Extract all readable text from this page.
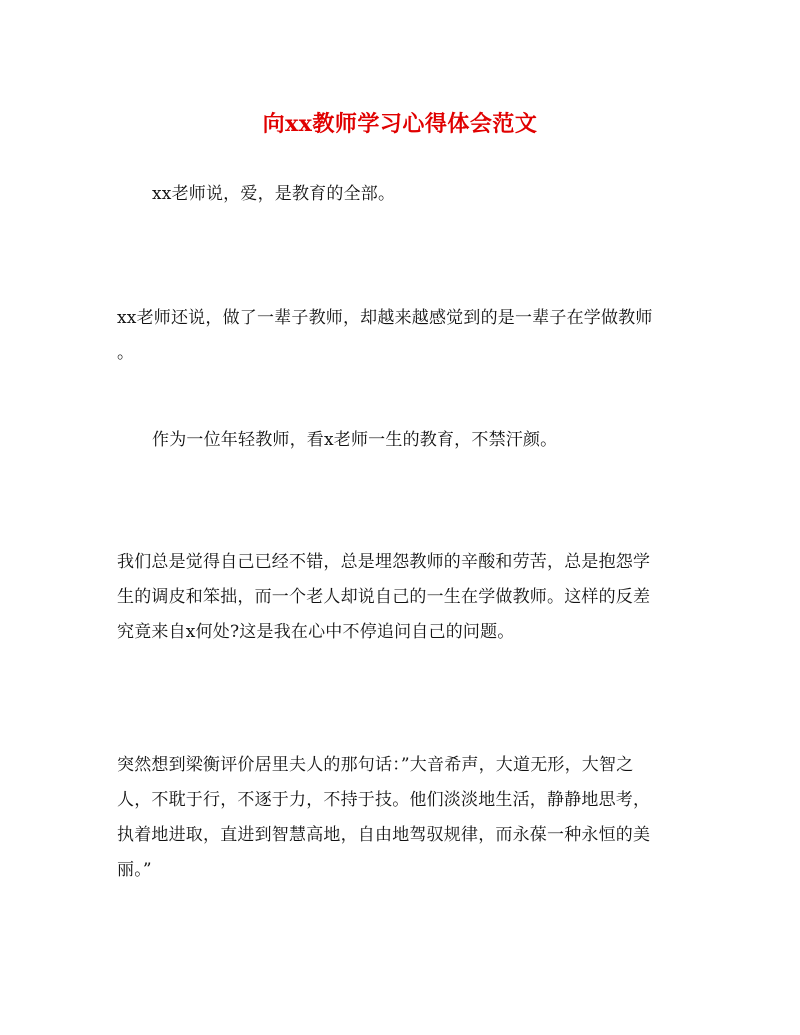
向xx教师学习心得体会范文
xx老师说，爱，是教育的全部。
xx老师还说，做了一辈子教师，却越来越感觉到的是一辈子在学做教师
。
作为一位年轻教师，看x老师一生的教育，不禁汗颜。
我们总是觉得自己已经不错，总是埋怨教师的辛酸和劳苦，总是抱怨学
生的调皮和笨拙，而一个老人却说自己的一生在学做教师。这样的反差
究竟来自x何处?这是我在心中不停追问自己的问题。
突然想到梁衡评价居里夫人的那句话：”大音希声，大道无形，大智之
人，不耽于行，不逐于力，不持于技。他们淡淡地生活，静静地思考，
执着地进取，直进到智慧高地，自由地驾驭规律，而永葆一种永恒的美
丽。”
